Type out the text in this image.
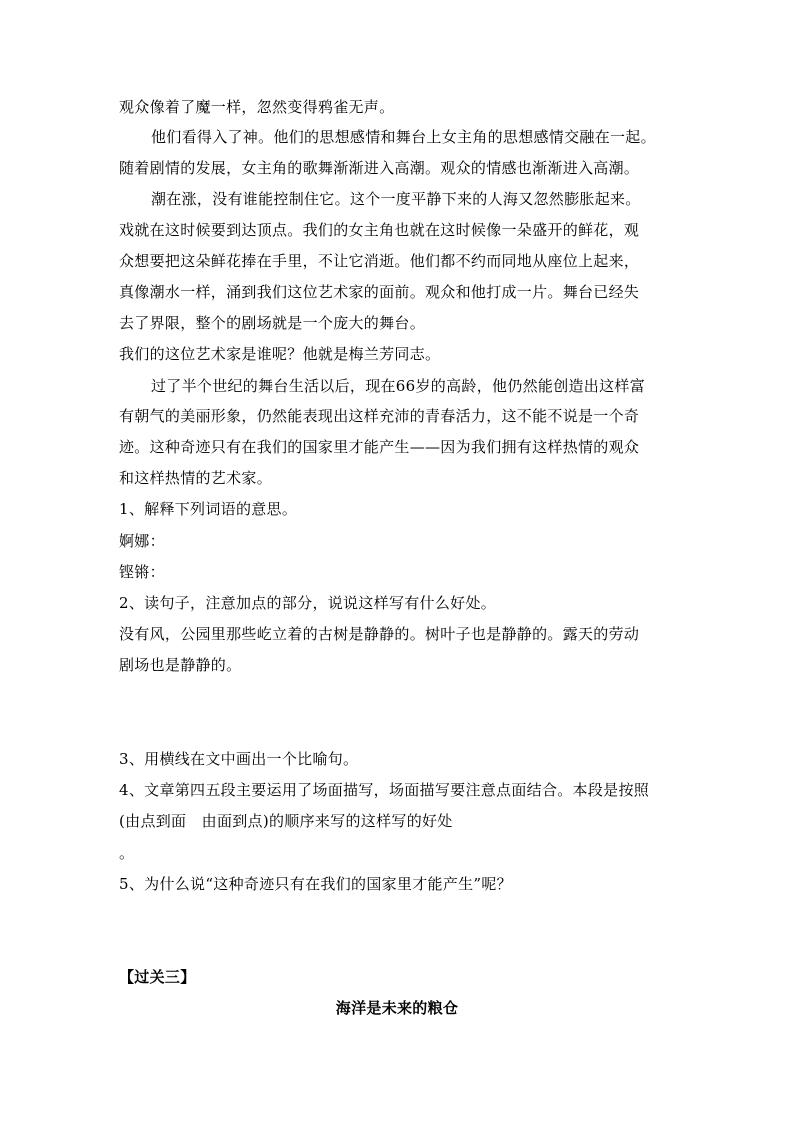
观众像着了魔一样，忽然变得鸦雀无声。
他们看得入了神。他们的思想感情和舞台上女主角的思想感情交融在一起。
随着剧情的发展，女主角的歌舞渐渐进入高潮。观众的情感也渐渐进入高潮。
潮在涨，没有谁能控制住它。这个一度平静下来的人海又忽然膨胀起来。
戏就在这时候要到达顶点。我们的女主角也就在这时候像一朵盛开的鲜花，观
众想要把这朵鲜花捧在手里，不让它消逝。他们都不约而同地从座位上起来，
真像潮水一样，涌到我们这位艺术家的面前。观众和他打成一片。舞台已经失
去了界限，整个的剧场就是一个庞大的舞台。
我们的这位艺术家是谁呢？他就是梅兰芳同志。
过了半个世纪的舞台生活以后，现在66岁的高龄，他仍然能创造出这样富
有朝气的美丽形象，仍然能表现出这样充沛的青春活力，这不能不说是一个奇
迹。这种奇迹只有在我们的国家里才能产生——因为我们拥有这样热情的观众
和这样热情的艺术家。
1、解释下列词语的意思。
婀娜：
铿锵：
2、读句子，注意加点的部分，说说这样写有什么好处。
没有风，公园里那些屹立着的古树是静静的。树叶子也是静静的。露天的劳动
剧场也是静静的。
3、用横线在文中画出一个比喻句。
4、文章第四五段主要运用了场面描写，场面描写要注意点面结合。本段是按照
(由点到面　由面到点)的顺序来写的这样写的好处
。
5、为什么说“这种奇迹只有在我们的国家里才能产生”呢？
【过关三】
海洋是未来的粮仓
